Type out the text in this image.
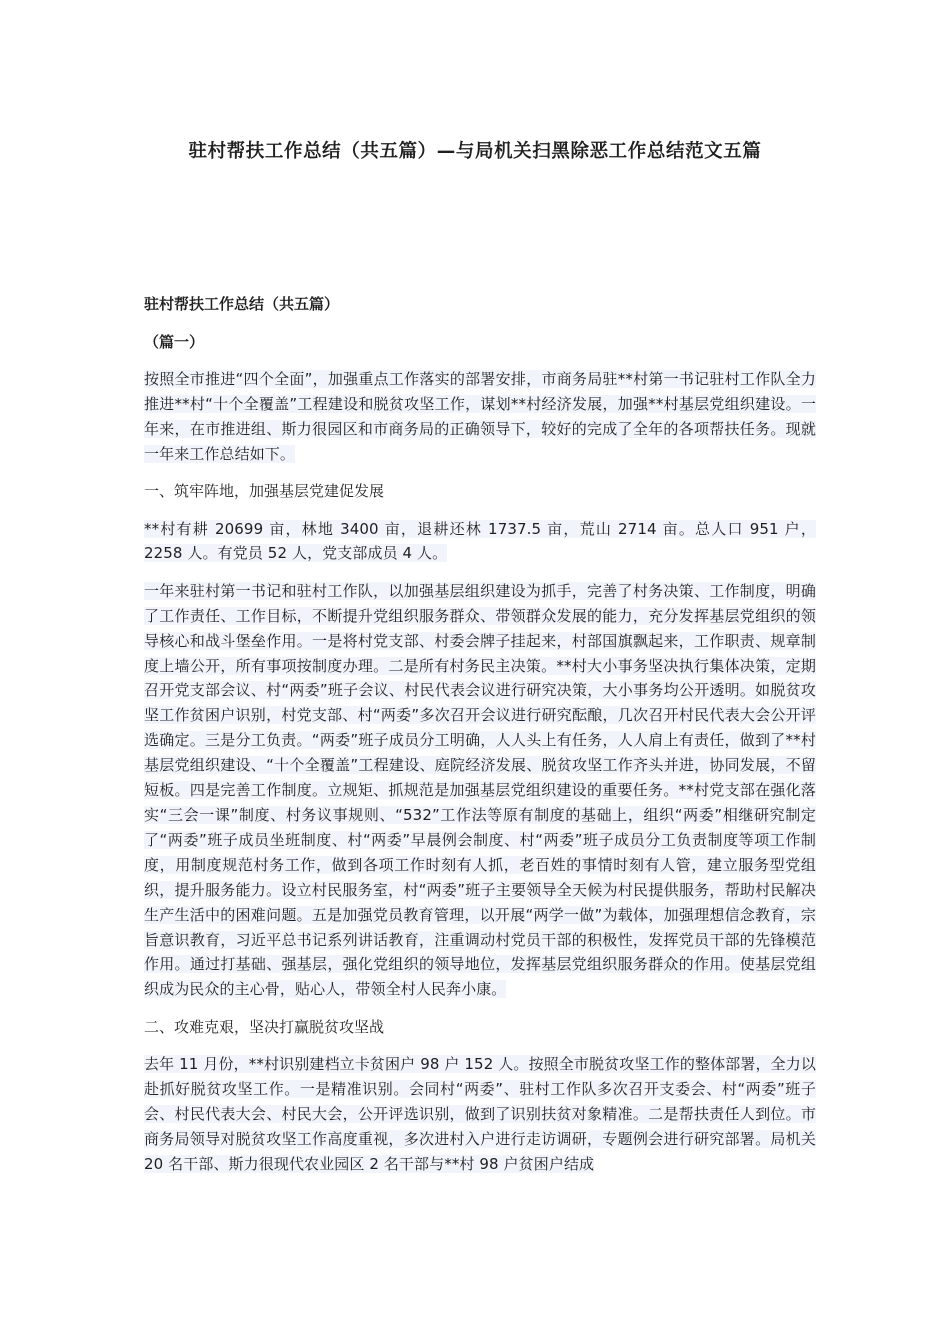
驻村帮扶工作总结（共五篇）—与局机关扫黑除恶工作总结范文五篇
驻村帮扶工作总结（共五篇）
（篇一）

按照全市推进“四个全面”，加强重点工作落实的部署安排，市商务局驻**村第一书记驻村工作队全力推进**村“十个全覆盖”工程建设和脱贫攻坚工作，谋划**村经济发展，加强**村基层党组织建设。一年来，在市推进组、斯力很园区和市商务局的正确领导下，较好的完成了全年的各项帮扶任务。现就一年来工作总结如下。

一、筑牢阵地，加强基层党建促发展

**村有耕 20699 亩，林地 3400 亩，退耕还林 1737.5 亩，荒山 2714 亩。总人口 951 户，2258 人。有党员 52 人，党支部成员 4 人。

一年来驻村第一书记和驻村工作队，以加强基层组织建设为抓手，完善了村务决策、工作制度，明确了工作责任、工作目标，不断提升党组织服务群众、带领群众发展的能力，充分发挥基层党组织的领导核心和战斗堡垒作用。一是将村党支部、村委会牌子挂起来，村部国旗飘起来，工作职责、规章制度上墙公开，所有事项按制度办理。二是所有村务民主决策。**村大小事务坚决执行集体决策，定期召开党支部会议、村“两委”班子会议、村民代表会议进行研究决策，大小事务均公开透明。如脱贫攻坚工作贫困户识别，村党支部、村“两委”多次召开会议进行研究酝酿，几次召开村民代表大会公开评选确定。三是分工负责。“两委”班子成员分工明确，人人头上有任务，人人肩上有责任，做到了**村基层党组织建设、“十个全覆盖”工程建设、庭院经济发展、脱贫攻坚工作齐头并进，协同发展，不留短板。四是完善工作制度。立规矩、抓规范是加强基层党组织建设的重要任务。**村党支部在强化落实“三会一课”制度、村务议事规则、“532”工作法等原有制度的基础上，组织“两委”相继研究制定了“两委”班子成员坐班制度、村“两委”早晨例会制度、村“两委”班子成员分工负责制度等项工作制度，用制度规范村务工作，做到各项工作时刻有人抓，老百姓的事情时刻有人管，建立服务型党组织，提升服务能力。设立村民服务室，村“两委”班子主要领导全天候为村民提供服务，帮助村民解决生产生活中的困难问题。五是加强党员教育管理，以开展“两学一做”为载体，加强理想信念教育，宗旨意识教育，习近平总书记系列讲话教育，注重调动村党员干部的积极性，发挥党员干部的先锋模范作用。通过打基础、强基层，强化党组织的领导地位，发挥基层党组织服务群众的作用。使基层党组织成为民众的主心骨，贴心人，带领全村人民奔小康。

二、攻难克艰，坚决打赢脱贫攻坚战

去年 11 月份，**村识别建档立卡贫困户 98 户 152 人。按照全市脱贫攻坚工作的整体部署，全力以赴抓好脱贫攻坚工作。一是精准识别。会同村“两委”、驻村工作队多次召开支委会、村“两委”班子会、村民代表大会、村民大会，公开评选识别，做到了识别扶贫对象精准。二是帮扶责任人到位。市商务局领导对脱贫攻坚工作高度重视，多次进村入户进行走访调研，专题例会进行研究部署。局机关 20 名干部、斯力很现代农业园区 2 名干部与**村 98 户贫困户结成
